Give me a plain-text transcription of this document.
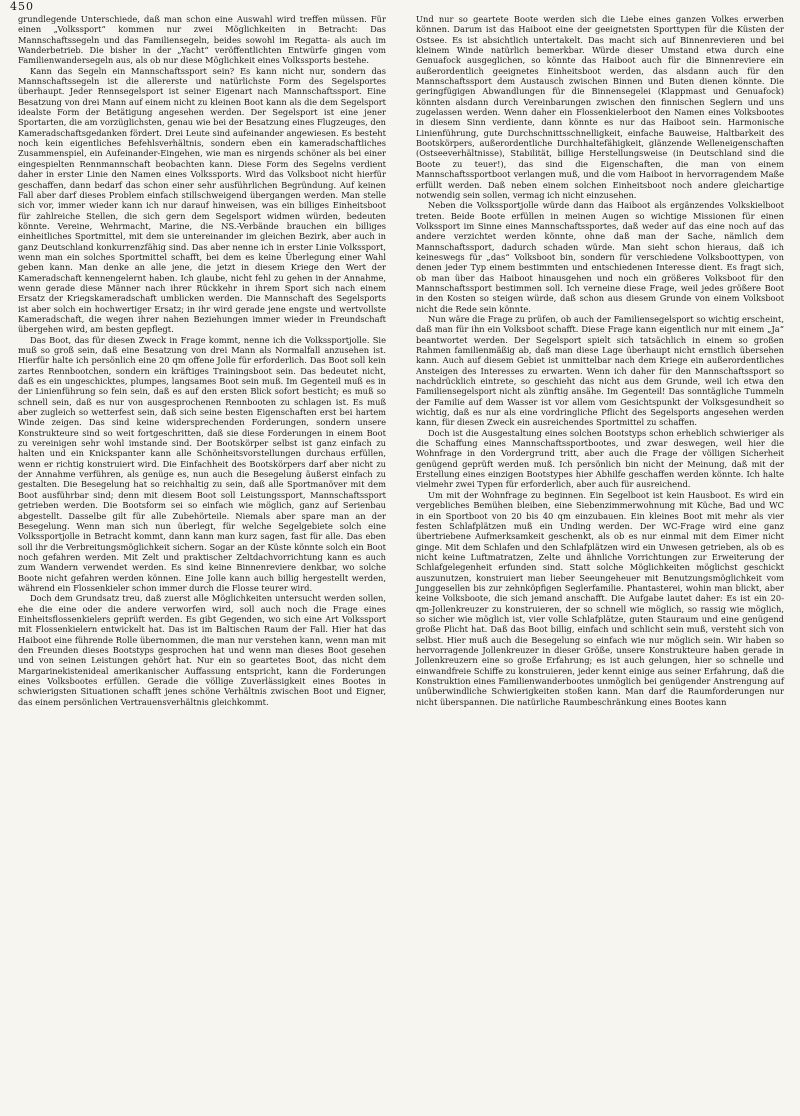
450

grundlegende Unterschiede, daß man schon eine Auswahl wird treffen müssen. Für einen „Volkssport“ kommen nur zwei Möglichkeiten in Betracht: Das Mannschaftssegeln und das Familiensegeln, beides sowohl im Regatta- als auch im Wanderbetrieb. Die bisher in der „Yacht“ veröffentlichten Entwürfe gingen vom Familienwandersegeln aus, als ob nur diese Möglichkeit eines Volkssports bestehe.

Kann das Segeln ein Mannschaftssport sein? Es kann nicht nur, sondern das Mannschaftssegeln ist die allererste und natürlichste Form des Segelsportes überhaupt. Jeder Rennsegelsport ist seiner Eigenart nach Mannschaftssport. Eine Besatzung von drei Mann auf einem nicht zu kleinen Boot kann als die dem Segelsport idealste Form der Betätigung angesehen werden. Der Segelsport ist eine jener Sportarten, die am vorzüglichsten, genau wie bei der Besatzung eines Flugzeuges, den Kameradschaftsgedanken fördert. Drei Leute sind aufeinander angewiesen. Es besteht noch kein eigentliches Befehlsverhältnis, sondern eben ein kameradschaftliches Zusammenspiel, ein Aufeinander-Eingehen, wie man es nirgends schöner als bei einer eingespielten Rennmannschaft beobachten kann. Diese Form des Segelns verdient daher in erster Linie den Namen eines Volkssports. Wird das Volksboot nicht hierfür geschaffen, dann bedarf das schon einer sehr ausführlichen Begründung. Auf keinen Fall aber darf dieses Problem einfach stillschweigend übergangen werden. Man stelle sich vor, immer wieder kann ich nur darauf hinweisen, was ein billiges Einheitsboot für zahlreiche Stellen, die sich gern dem Segelsport widmen würden, bedeuten könnte. Vereine, Wehrmacht, Marine, die NS.-Verbände brauchen ein billiges einheitliches Sportmittel, mit dem sie untereinander im gleichen Bezirk, aber auch in ganz Deutschland konkurrenzfähig sind. Das aber nenne ich in erster Linie Volkssport, wenn man ein solches Sportmittel schafft, bei dem es keine Überlegung einer Wahl geben kann. Man denke an alle jene, die jetzt in diesem Kriege den Wert der Kameradschaft kennengelernt haben. Ich glaube, nicht fehl zu gehen in der Annahme, wenn gerade diese Männer nach ihrer Rückkehr in ihrem Sport sich nach einem Ersatz der Kriegskameradschaft umblicken werden. Die Mannschaft des Segelsports ist aber solch ein hochwertiger Ersatz; in ihr wird gerade jene engste und wertvollste Kameradschaft, die wegen ihrer nahen Beziehungen immer wieder in Freundschaft übergehen wird, am besten gepflegt.

Das Boot, das für diesen Zweck in Frage kommt, nenne ich die Volkssportjolle. Sie muß so groß sein, daß eine Besatzung von drei Mann als Normalfall anzusehen ist. Hierfür halte ich persönlich eine 20 qm offene Jolle für erforderlich. Das Boot soll kein zartes Rennbootchen, sondern ein kräftiges Trainingsboot sein. Das bedeutet nicht, daß es ein ungeschicktes, plumpes, langsames Boot sein muß. Im Gegenteil muß es in der Linienführung so fein sein, daß es auf den ersten Blick sofort besticht; es muß so schnell sein, daß es nur von ausgesprochenen Rennbooten zu schlagen ist. Es muß aber zugleich so wetterfest sein, daß sich seine besten Eigenschaften erst bei hartem Winde zeigen. Das sind keine widersprechenden Forderungen, sondern unsere Konstrukteure sind so weit fortgeschritten, daß sie diese Forderungen in einem Boot zu vereinigen sehr wohl imstande sind. Der Bootskörper selbst ist ganz einfach zu halten und ein Knickspanter kann alle Schönheitsvorstellungen durchaus erfüllen, wenn er richtig konstruiert wird. Die Einfachheit des Bootskörpers darf aber nicht zu der Annahme verführen, als genüge es, nun auch die Besegelung äußerst einfach zu gestalten. Die Besegelung hat so reichhaltig zu sein, daß alle Sportmanöver mit dem Boot ausführbar sind; denn mit diesem Boot soll Leistungssport, Mannschaftssport getrieben werden. Die Bootsform sei so einfach wie möglich, ganz auf Serienbau abgestellt. Dasselbe gilt für alle Zubehörteile. Niemals aber spare man an der Besegelung. Wenn man sich nun überlegt, für welche Segelgebiete solch eine Volkssportjolle in Betracht kommt, dann kann man kurz sagen, fast für alle. Das eben soll ihr die Verbreitungsmöglichkeit sichern. Sogar an der Küste könnte solch ein Boot noch gefahren werden. Mit Zelt und praktischer Zeltdachvorrichtung kann es auch zum Wandern verwendet werden. Es sind keine Binnenreviere denkbar, wo solche Boote nicht gefahren werden können. Eine Jolle kann auch billig hergestellt werden, während ein Flossenkieler schon immer durch die Flosse teurer wird.

Doch dem Grundsatz treu, daß zuerst alle Möglichkeiten untersucht werden sollen, ehe die eine oder die andere verworfen wird, soll auch noch die Frage eines Einheitsflossenkielers geprüft werden. Es gibt Gegenden, wo sich eine Art Volkssport mit Flossenkielern entwickelt hat. Das ist im Baltischen Raum der Fall. Hier hat das Haiboot eine führende Rolle übernommen, die man nur verstehen kann, wenn man mit den Freunden dieses Bootstyps gesprochen hat und wenn man dieses Boot gesehen und von seinen Leistungen gehört hat. Nur ein so geartetes Boot, das nicht dem Margarinekistenideal amerikanischer Auffassung entspricht, kann die Forderungen eines Volksbootes erfüllen. Gerade die völlige Zuverlässigkeit eines Bootes in schwierigsten Situationen schafft jenes schöne Verhältnis zwischen Boot und Eigner, das einem persönlichen Vertrauensverhältnis gleichkommt.

Und nur so geartete Boote werden sich die Liebe eines ganzen Volkes erwerben können. Darum ist das Haiboot eine der geeignetsten Sporttypen für die Küsten der Ostsee. Es ist absichtlich untertakelt. Das macht sich auf Binnenrevieren und bei kleinem Winde natürlich bemerkbar. Würde dieser Umstand etwa durch eine Genuafock ausgeglichen, so könnte das Haiboot auch für die Binnenreviere ein außerordentlich geeignetes Einheitsboot werden, das alsdann auch für den Mannschaftssport dem Austausch zwischen Binnen und Buten dienen könnte. Die geringfügigen Abwandlungen für die Binnensegelei (Klappmast und Genuafock) könnten alsdann durch Vereinbarungen zwischen den finnischen Seglern und uns zugelassen werden. Wenn daher ein Flossenkielerboot den Namen eines Volksbootes in diesem Sinn verdiente, dann könnte es nur das Haiboot sein. Harmonische Linienführung, gute Durchschnittsschnelligkeit, einfache Bauweise, Haltbarkeit des Bootskörpers, außerordentliche Durchhaltefähigkeit, glänzende Welleneigenschaften (Ostseeverhältnisse), Stabilität, billige Herstellungsweise (in Deutschland sind die Boote zu teuer!), das sind die Eigenschaften, die man von einem Mannschaftssportboot verlangen muß, und die vom Haiboot in hervorragendem Maße erfüllt werden. Daß neben einem solchen Einheitsboot noch andere gleichartige notwendig sein sollen, vermag ich nicht einzusehen.

Neben die Volkssportjolle würde dann das Haiboot als ergänzendes Volkskielboot treten. Beide Boote erfüllen in meinen Augen so wichtige Missionen für einen Volkssport im Sinne eines Mannschaftssportes, daß weder auf das eine noch auf das andere verzichtet werden könnte, ohne daß man der Sache, nämlich dem Mannschaftssport, dadurch schaden würde. Man sieht schon hieraus, daß ich keineswegs für „das“ Volksboot bin, sondern für verschiedene Volksboottypen, von denen jeder Typ einem bestimmten und entschiedenen Interesse dient. Es fragt sich, ob man über das Haiboot hinausgehen und noch ein größeres Volksboot für den Mannschaftssport bestimmen soll. Ich verneine diese Frage, weil jedes größere Boot in den Kosten so steigen würde, daß schon aus diesem Grunde von einem Volksboot nicht die Rede sein könnte.

Nun wäre die Frage zu prüfen, ob auch der Familiensegelsport so wichtig erscheint, daß man für ihn ein Volksboot schafft. Diese Frage kann eigentlich nur mit einem „Ja“ beantwortet werden. Der Segelsport spielt sich tatsächlich in einem so großen Rahmen familienmäßig ab, daß man diese Lage überhaupt nicht ernstlich übersehen kann. Auch auf diesem Gebiet ist unmittelbar nach dem Kriege ein außerordentliches Ansteigen des Interesses zu erwarten. Wenn ich daher für den Mannschaftssport so nachdrücklich eintrete, so geschieht das nicht aus dem Grunde, weil ich etwa den Familiensegelsport nicht als zünftig ansähe. Im Gegenteil! Das sonntägliche Tummeln der Familie auf dem Wasser ist vor allem vom Gesichtspunkt der Volksgesundheit so wichtig, daß es nur als eine vordringliche Pflicht des Segelsports angesehen werden kann, für diesen Zweck ein ausreichendes Sportmittel zu schaffen.

Doch ist die Ausgestaltung eines solchen Bootstyps schon erheblich schwieriger als die Schaffung eines Mannschaftssportbootes, und zwar deswegen, weil hier die Wohnfrage in den Vordergrund tritt, aber auch die Frage der völligen Sicherheit genügend geprüft werden muß. Ich persönlich bin nicht der Meinung, daß mit der Erstellung eines einzigen Bootstypes hier Abhilfe geschaffen werden könnte. Ich halte vielmehr zwei Typen für erforderlich, aber auch für ausreichend.

Um mit der Wohnfrage zu beginnen. Ein Segelboot ist kein Hausboot. Es wird ein vergebliches Bemühen bleiben, eine Siebenzimmerwohnung mit Küche, Bad und WC in ein Sportboot von 20 bis 40 qm einzubauen. Ein kleines Boot mit mehr als vier festen Schlafplätzen muß ein Unding werden. Der WC-Frage wird eine ganz übertriebene Aufmerksamkeit geschenkt, als ob es nur einmal mit dem Eimer nicht ginge. Mit dem Schlafen und den Schlafplätzen wird ein Unwesen getrieben, als ob es nicht keine Luftmatratzen, Zelte und ähnliche Vorrichtungen zur Erweiterung der Schlafgelegenheit erfunden sind. Statt solche Möglichkeiten möglichst geschickt auszunutzen, konstruiert man lieber Seeungeheuer mit Benutzungsmöglichkeit vom Junggesellen bis zur zehnköpfigen Seglerfamilie. Phantasterei, wohin man blickt, aber keine Volksboote, die sich jemand anschafft. Die Aufgabe lautet daher: Es ist ein 20-qm-Jollenkreuzer zu konstruieren, der so schnell wie möglich, so rassig wie möglich, so sicher wie möglich ist, vier volle Schlafplätze, guten Stauraum und eine genügend große Plicht hat. Daß das Boot billig, einfach und schlicht sein muß, versteht sich von selbst. Hier muß auch die Besegelung so einfach wie nur möglich sein. Wir haben so hervorragende Jollenkreuzer in dieser Größe, unsere Konstrukteure haben gerade in Jollenkreuzern eine so große Erfahrung; es ist auch gelungen, hier so schnelle und einwandfreie Schiffe zu konstruieren, jeder kennt einige aus seiner Erfahrung, daß die Konstruktion eines Familienwanderbootes unmöglich bei genügender Anstrengung auf unüberwindliche Schwierigkeiten stoßen kann. Man darf die Raumforderungen nur nicht überspannen. Die natürliche Raumbeschränkung eines Bootes kann
